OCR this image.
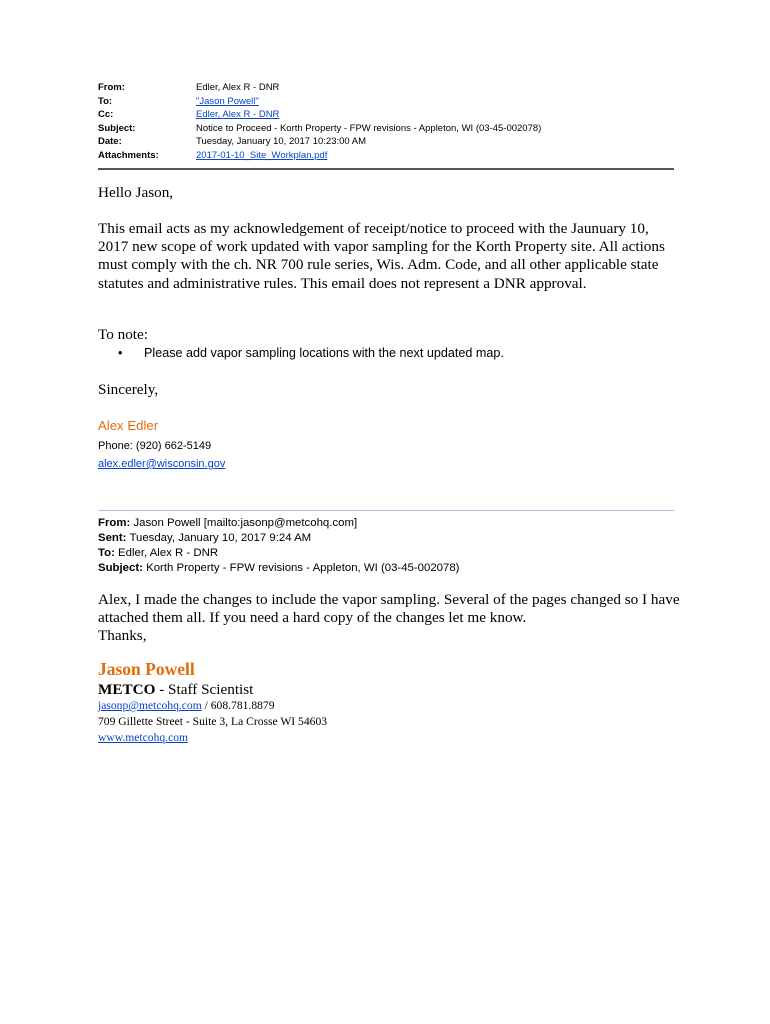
From:	Edler, Alex R - DNR
To:	"Jason Powell"
Cc:	Edler, Alex R - DNR
Subject:	Notice to Proceed - Korth Property - FPW revisions - Appleton, WI (03-45-002078)
Date:	Tuesday, January 10, 2017 10:23:00 AM
Attachments:	2017-01-10_Site_Workplan.pdf
Hello Jason,
This email acts as my acknowledgement of receipt/notice to proceed with the Jaunuary 10, 2017 new scope of work updated with vapor sampling for the Korth Property site. All actions must comply with the ch. NR 700 rule series, Wis. Adm. Code, and all other applicable state statutes and administrative rules. This email does not represent a DNR approval.
To note:
•	Please add vapor sampling locations with the next updated map.
Sincerely,
Alex Edler
Phone: (920) 662-5149
alex.edler@wisconsin.gov
From: Jason Powell [mailto:jasonp@metcohq.com]
Sent: Tuesday, January 10, 2017 9:24 AM
To: Edler, Alex R - DNR
Subject: Korth Property - FPW revisions - Appleton, WI (03-45-002078)
Alex, I made the changes to include the vapor sampling. Several of the pages changed so I have attached them all. If you need a hard copy of the changes let me know.
Thanks,
Jason Powell
METCO - Staff Scientist
jasonp@metcohq.com / 608.781.8879
709 Gillette Street - Suite 3, La Crosse WI 54603
www.metcohq.com
